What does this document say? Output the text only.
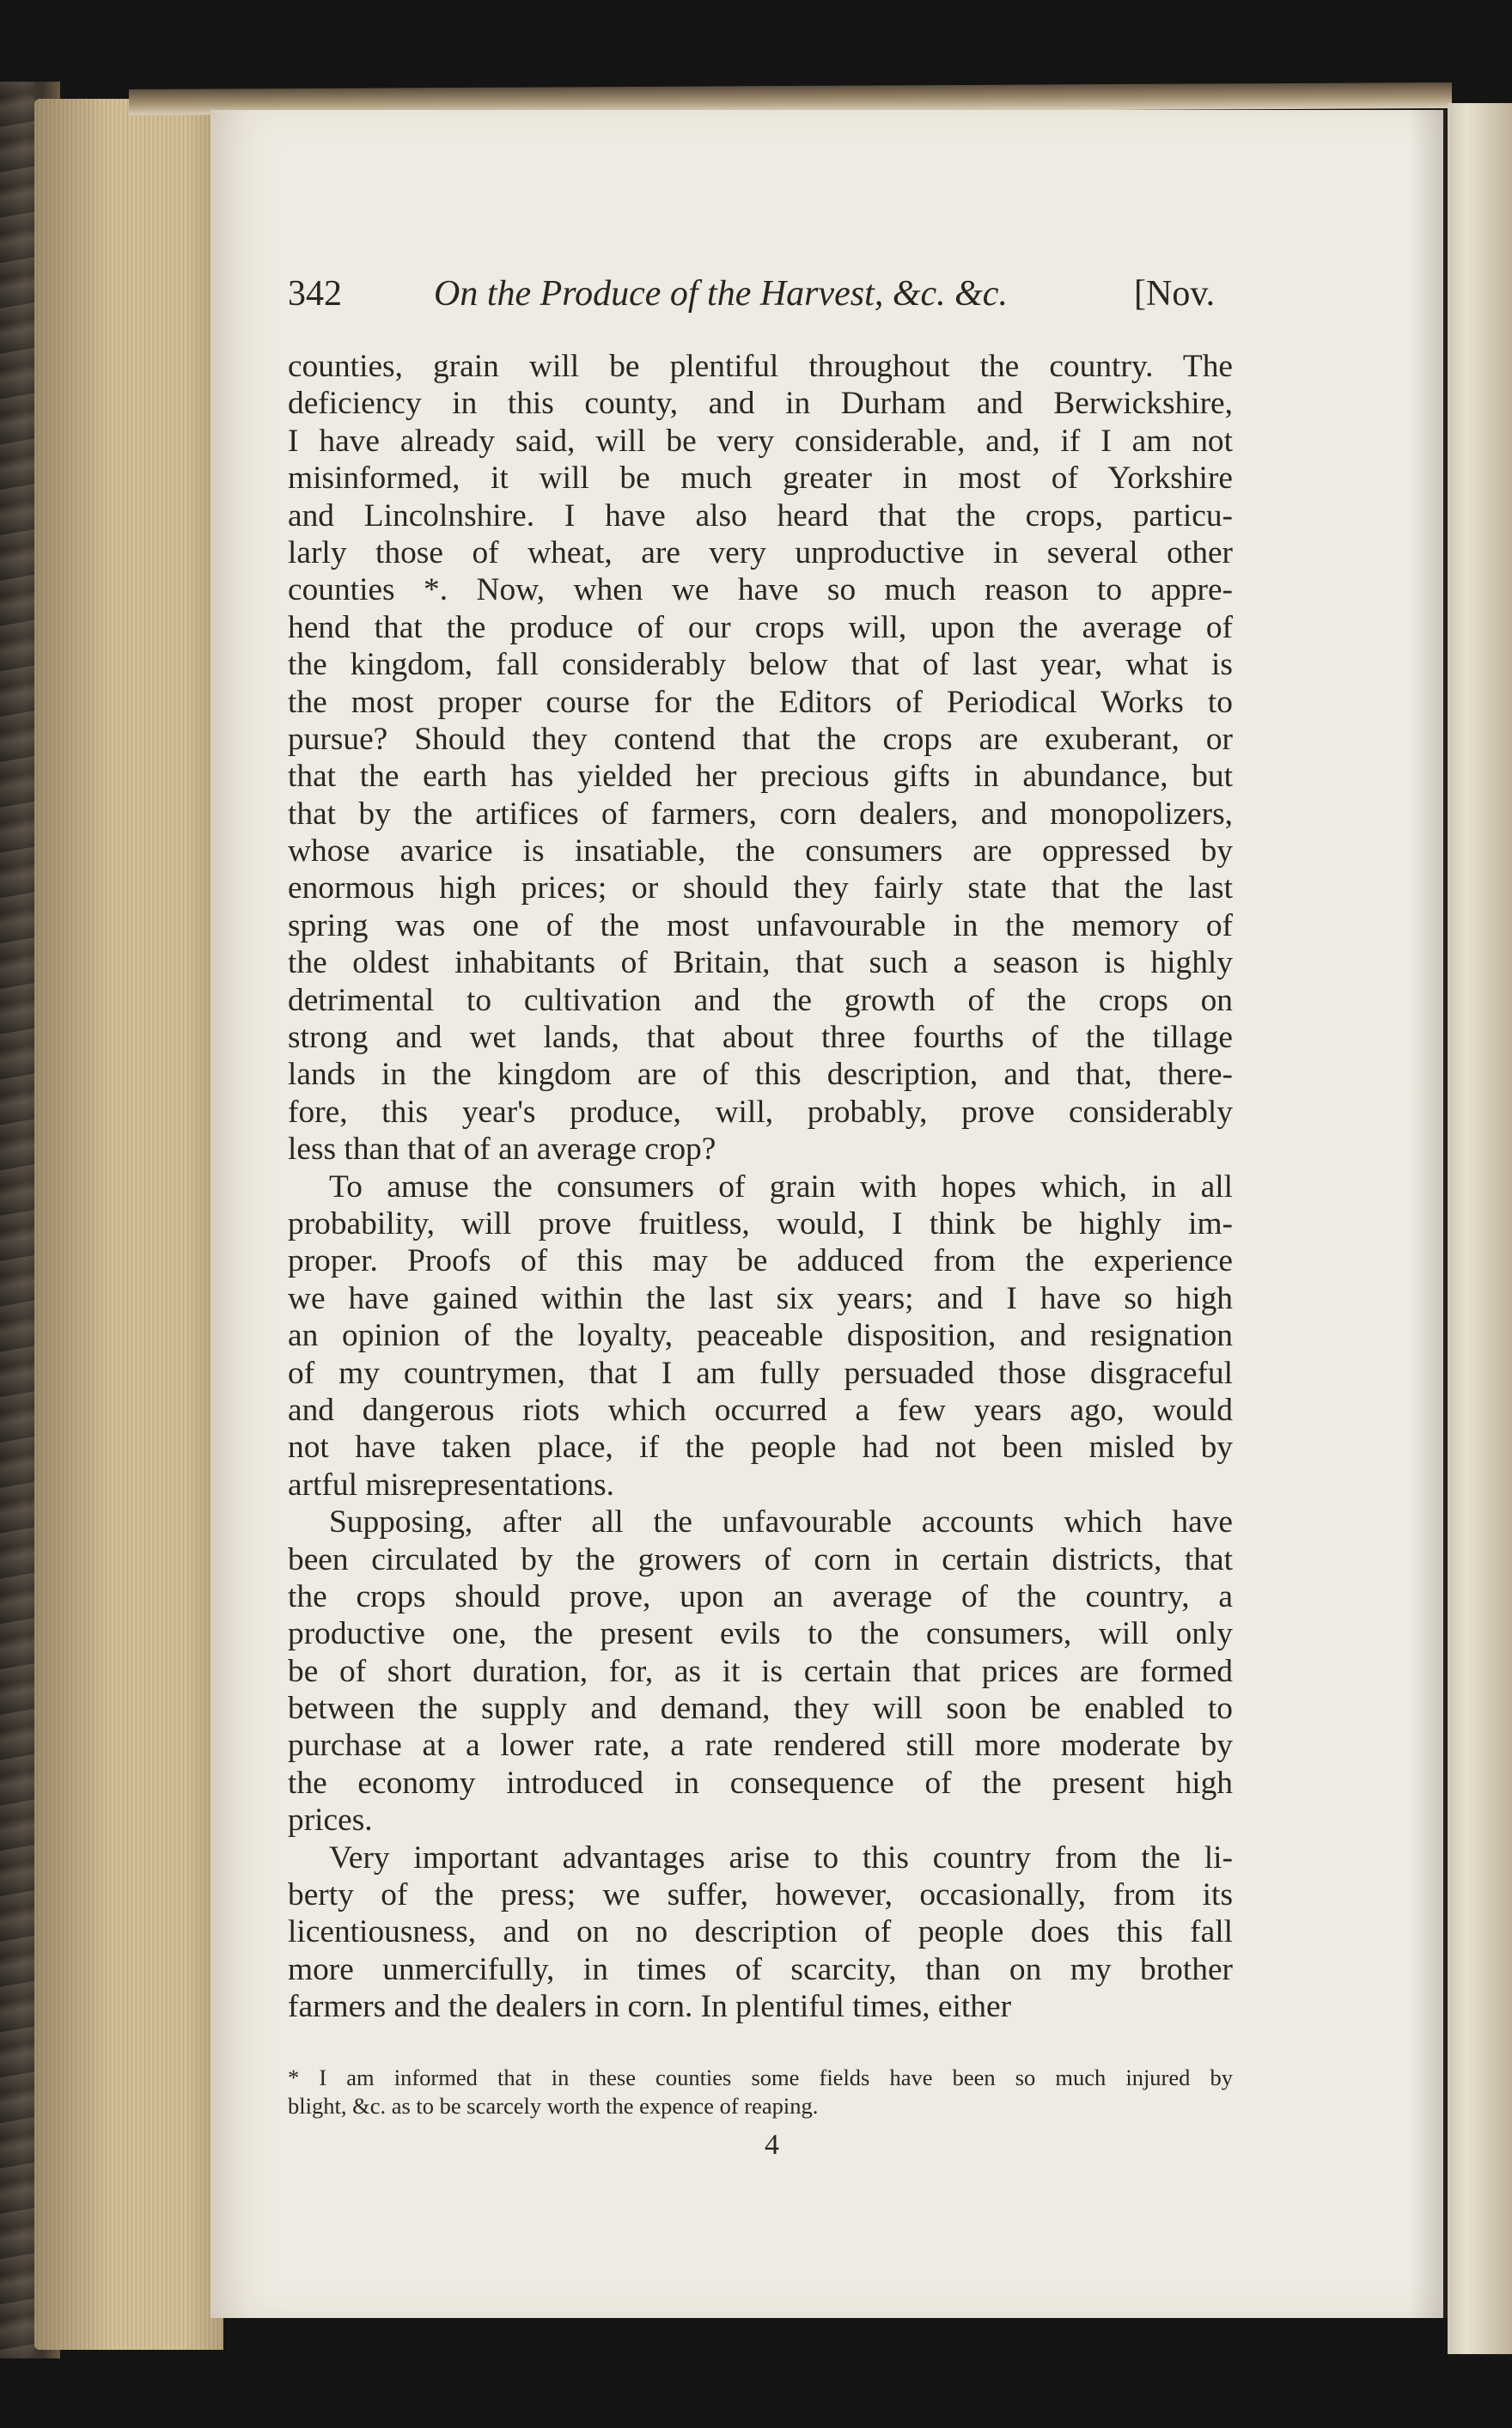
342	On the Produce of the Harvest, &c. &c.	[Nov.
counties, grain will be plentiful throughout the country. The
deficiency in this county, and in Durham and Berwickshire,
I have already said, will be very considerable, and, if I am not
misinformed, it will be much greater in most of Yorkshire
and Lincolnshire. I have also heard that the crops, particu-
larly those of wheat, are very unproductive in several other
counties *. Now, when we have so much reason to appre-
hend that the produce of our crops will, upon the average of
the kingdom, fall considerably below that of last year, what is
the most proper course for the Editors of Periodical Works to
pursue? Should they contend that the crops are exuberant, or
that the earth has yielded her precious gifts in abundance, but
that by the artifices of farmers, corn dealers, and monopolizers,
whose avarice is insatiable, the consumers are oppressed by
enormous high prices; or should they fairly state that the last
spring was one of the most unfavourable in the memory of
the oldest inhabitants of Britain, that such a season is highly
detrimental to cultivation and the growth of the crops on
strong and wet lands, that about three fourths of the tillage
lands in the kingdom are of this description, and that, there-
fore, this year's produce, will, probably, prove considerably
less than that of an average crop?
To amuse the consumers of grain with hopes which, in all
probability, will prove fruitless, would, I think be highly im-
proper. Proofs of this may be adduced from the experience
we have gained within the last six years; and I have so high
an opinion of the loyalty, peaceable disposition, and resignation
of my countrymen, that I am fully persuaded those disgraceful
and dangerous riots which occurred a few years ago, would
not have taken place, if the people had not been misled by
artful misrepresentations.
Supposing, after all the unfavourable accounts which have
been circulated by the growers of corn in certain districts, that
the crops should prove, upon an average of the country, a
productive one, the present evils to the consumers, will only
be of short duration, for, as it is certain that prices are formed
between the supply and demand, they will soon be enabled to
purchase at a lower rate, a rate rendered still more moderate by
the economy introduced in consequence of the present high
prices.
Very important advantages arise to this country from the li-
berty of the press; we suffer, however, occasionally, from its
licentiousness, and on no description of people does this fall
more unmercifully, in times of scarcity, than on my brother
farmers and the dealers in corn. In plentiful times, either
* I am informed that in these counties some fields have been so much injured by
blight, &c. as to be scarcely worth the expence of reaping.
4
